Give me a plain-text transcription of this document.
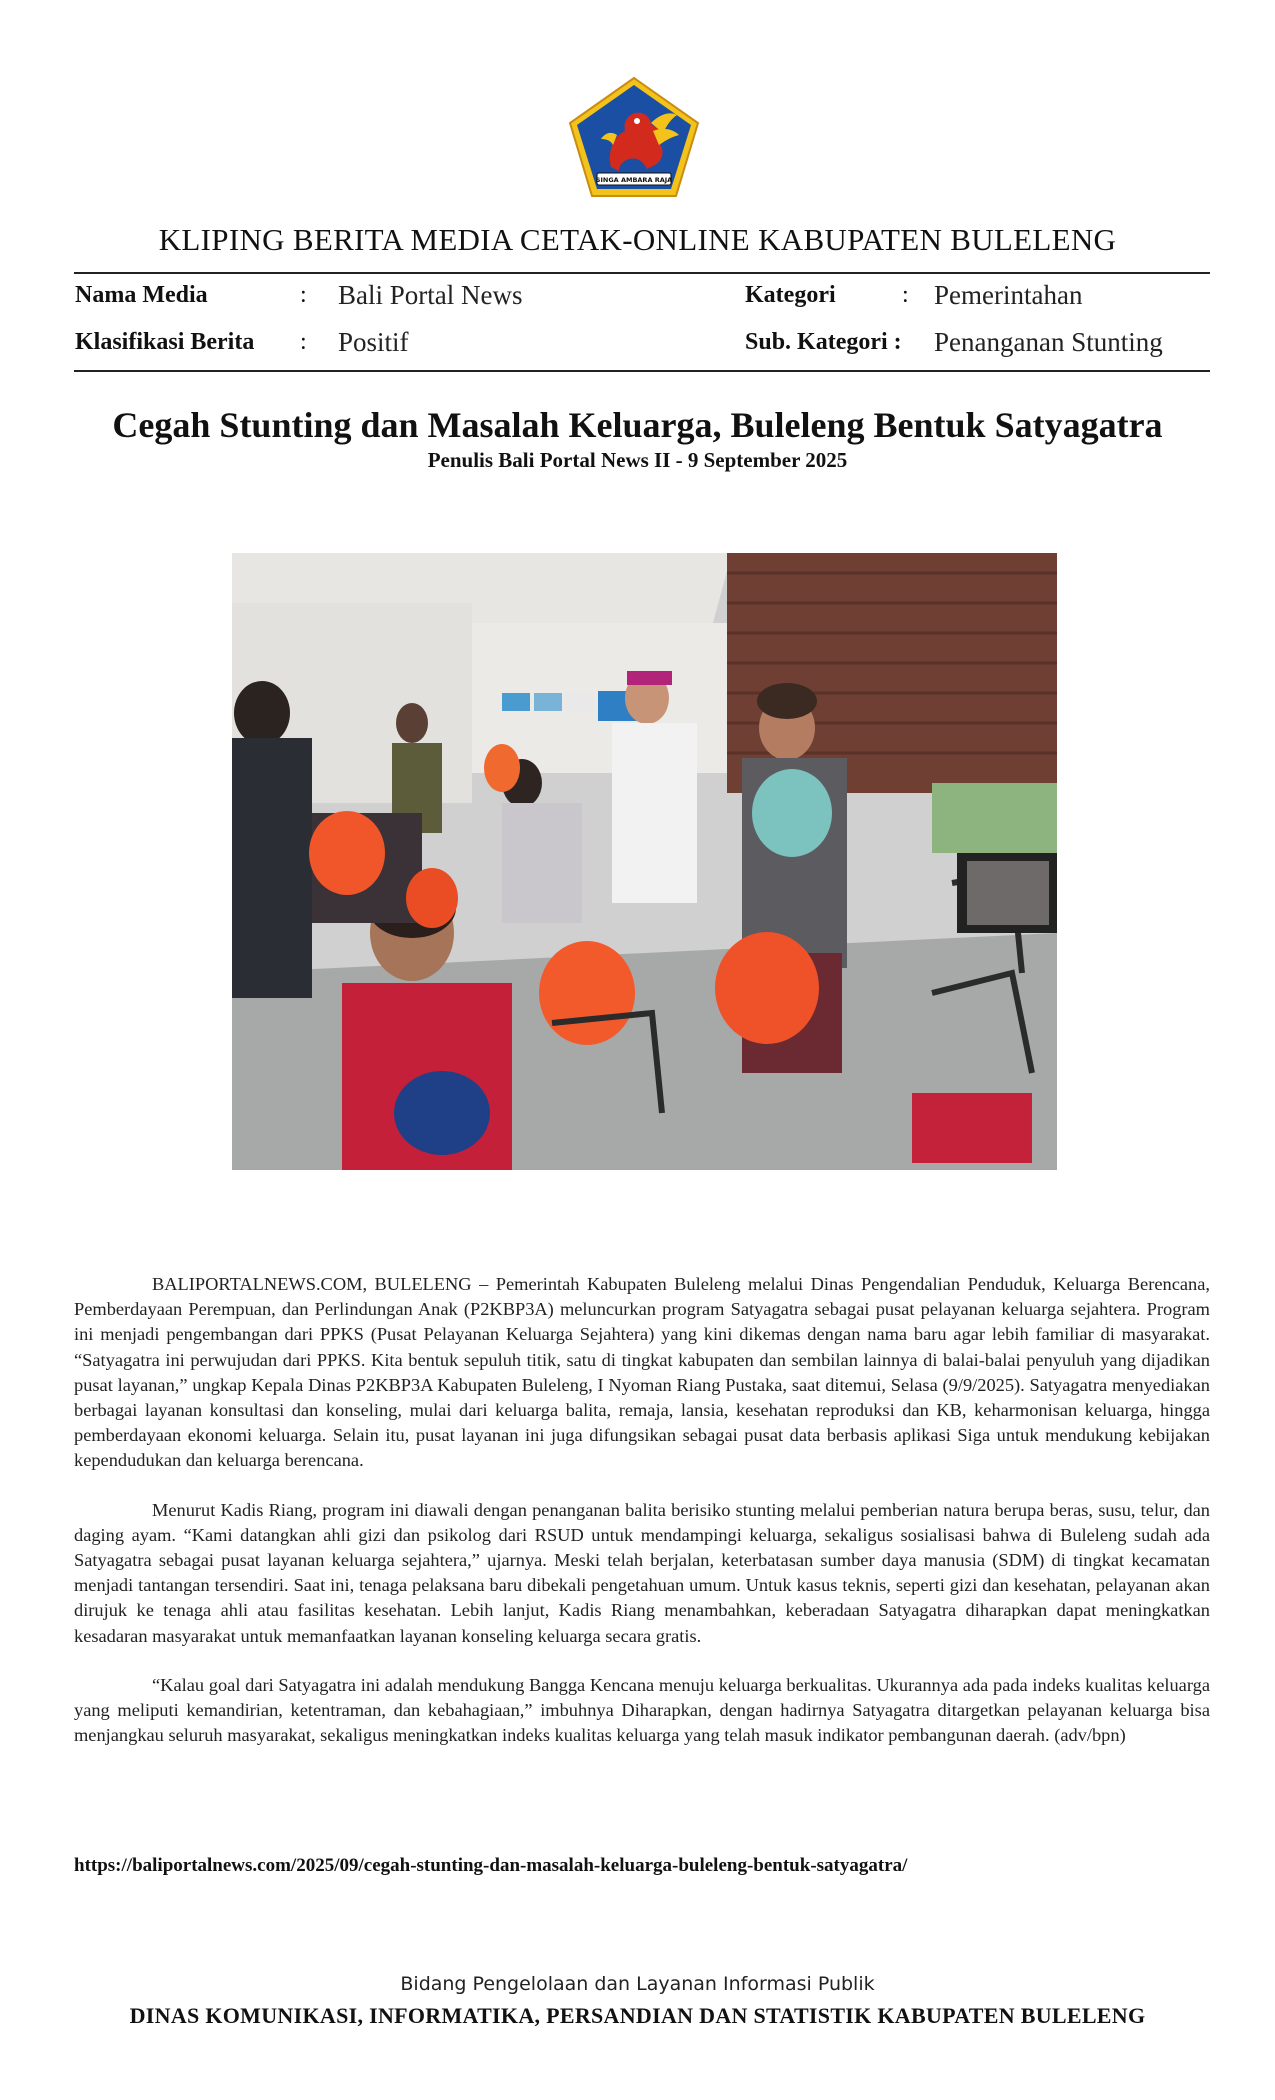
SINGA AMBARA RAJA
KLIPING BERITA MEDIA CETAK-ONLINE KABUPATEN BULELENG
Nama Media	: Bali Portal News
Klasifikasi Berita : Positif
Kategori	: Pemerintahan
Sub. Kategori : Penanganan Stunting
Cegah Stunting dan Masalah Keluarga, Buleleng Bentuk Satyagatra
Penulis Bali Portal News II - 9 September 2025

BALIPORTALNEWS.COM, BULELENG – Pemerintah Kabupaten Buleleng melalui Dinas Pengendalian Penduduk, Keluarga Berencana, Pemberdayaan Perempuan, dan Perlindungan Anak (P2KBP3A) meluncurkan program Satyagatra sebagai pusat pelayanan keluarga sejahtera. Program ini menjadi pengembangan dari PPKS (Pusat Pelayanan Keluarga Sejahtera) yang kini dikemas dengan nama baru agar lebih familiar di masyarakat. “Satyagatra ini perwujudan dari PPKS. Kita bentuk sepuluh titik, satu di tingkat kabupaten dan sembilan lainnya di balai-balai penyuluh yang dijadikan pusat layanan,” ungkap Kepala Dinas P2KBP3A Kabupaten Buleleng, I Nyoman Riang Pustaka, saat ditemui, Selasa (9/9/2025). Satyagatra menyediakan berbagai layanan konsultasi dan konseling, mulai dari keluarga balita, remaja, lansia, kesehatan reproduksi dan KB, keharmonisan keluarga, hingga pemberdayaan ekonomi keluarga. Selain itu, pusat layanan ini juga difungsikan sebagai pusat data berbasis aplikasi Siga untuk mendukung kebijakan kependudukan dan keluarga berencana.

Menurut Kadis Riang, program ini diawali dengan penanganan balita berisiko stunting melalui pemberian natura berupa beras, susu, telur, dan daging ayam. “Kami datangkan ahli gizi dan psikolog dari RSUD untuk mendampingi keluarga, sekaligus sosialisasi bahwa di Buleleng sudah ada Satyagatra sebagai pusat layanan keluarga sejahtera,” ujarnya. Meski telah berjalan, keterbatasan sumber daya manusia (SDM) di tingkat kecamatan menjadi tantangan tersendiri. Saat ini, tenaga pelaksana baru dibekali pengetahuan umum. Untuk kasus teknis, seperti gizi dan kesehatan, pelayanan akan dirujuk ke tenaga ahli atau fasilitas kesehatan. Lebih lanjut, Kadis Riang menambahkan, keberadaan Satyagatra diharapkan dapat meningkatkan kesadaran masyarakat untuk memanfaatkan layanan konseling keluarga secara gratis.

“Kalau goal dari Satyagatra ini adalah mendukung Bangga Kencana menuju keluarga berkualitas. Ukurannya ada pada indeks kualitas keluarga yang meliputi kemandirian, ketentraman, dan kebahagiaan,” imbuhnya Diharapkan, dengan hadirnya Satyagatra ditargetkan pelayanan keluarga bisa menjangkau seluruh masyarakat, sekaligus meningkatkan indeks kualitas keluarga yang telah masuk indikator pembangunan daerah. (adv/bpn)

https://baliportalnews.com/2025/09/cegah-stunting-dan-masalah-keluarga-buleleng-bentuk-satyagatra/
Bidang Pengelolaan dan Layanan Informasi Publik
DINAS KOMUNIKASI, INFORMATIKA, PERSANDIAN DAN STATISTIK KABUPATEN BULELENG
